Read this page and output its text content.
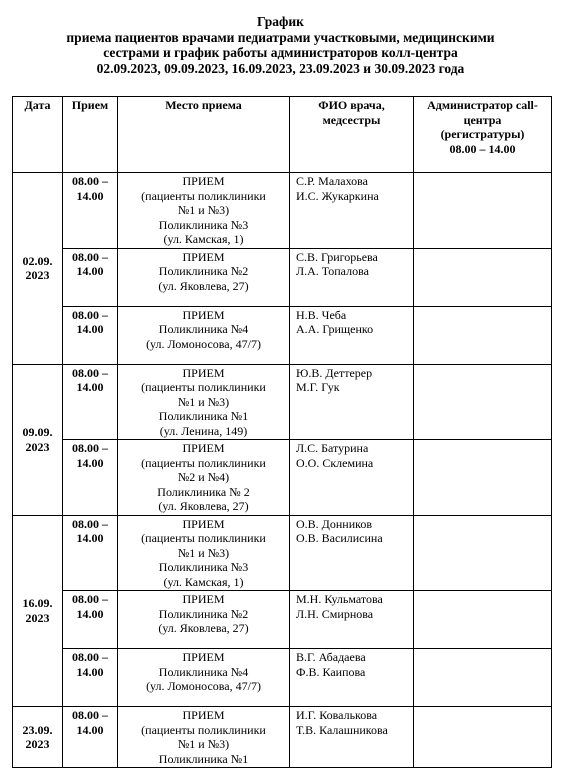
График
приема пациентов врачами педиатрами участковыми, медицинскими
сестрами и график работы администраторов колл-центра
02.09.2023, 09.09.2023, 16.09.2023, 23.09.2023 и 30.09.2023 года
Дата	Прием	Место приема	ФИО врача,
медсестры	Администратор call-
центра
(регистратуры)
08.00 – 14.00

02.09.
2023	08.00 –
14.00	ПРИЕМ
(пациенты поликлиники
№1 и №3)
Поликлиника №3
(ул. Камская, 1)	С.Р. Малахова
И.С. Жукаркина	

	08.00 –
14.00	ПРИЕМ
Поликлиника №2
(ул. Яковлева, 27)	С.В. Григорьева
Л.А. Топалова	

	08.00 –
14.00	ПРИЕМ
Поликлиника №4
(ул. Ломоносова, 47/7)	Н.В. Чеба
А.А. Грищенко	

09.09.
2023	08.00 –
14.00	ПРИЕМ
(пациенты поликлиники
№1 и №3)
Поликлиника №1
(ул. Ленина, 149)	Ю.В. Деттерер
М.Г. Гук	

	08.00 –
14.00	ПРИЕМ
(пациенты поликлиники
№2 и №4)
Поликлиника № 2
(ул. Яковлева, 27)	Л.С. Батурина
О.О. Склемина	

16.09.
2023	08.00 –
14.00	ПРИЕМ
(пациенты поликлиники
№1 и №3)
Поликлиника №3
(ул. Камская, 1)	О.В. Донников
О.В. Василисина	

	08.00 –
14.00	ПРИЕМ
Поликлиника №2
(ул. Яковлева, 27)	М.Н. Кульматова
Л.Н. Смирнова	

	08.00 –
14.00	ПРИЕМ
Поликлиника №4
(ул. Ломоносова, 47/7)	В.Г. Абадаева
Ф.В. Каипова	

23.09.
2023	08.00 –
14.00	ПРИЕМ
(пациенты поликлиники
№1 и №3)
Поликлиника №1	И.Г. Ковалькова
Т.В. Калашникова	
